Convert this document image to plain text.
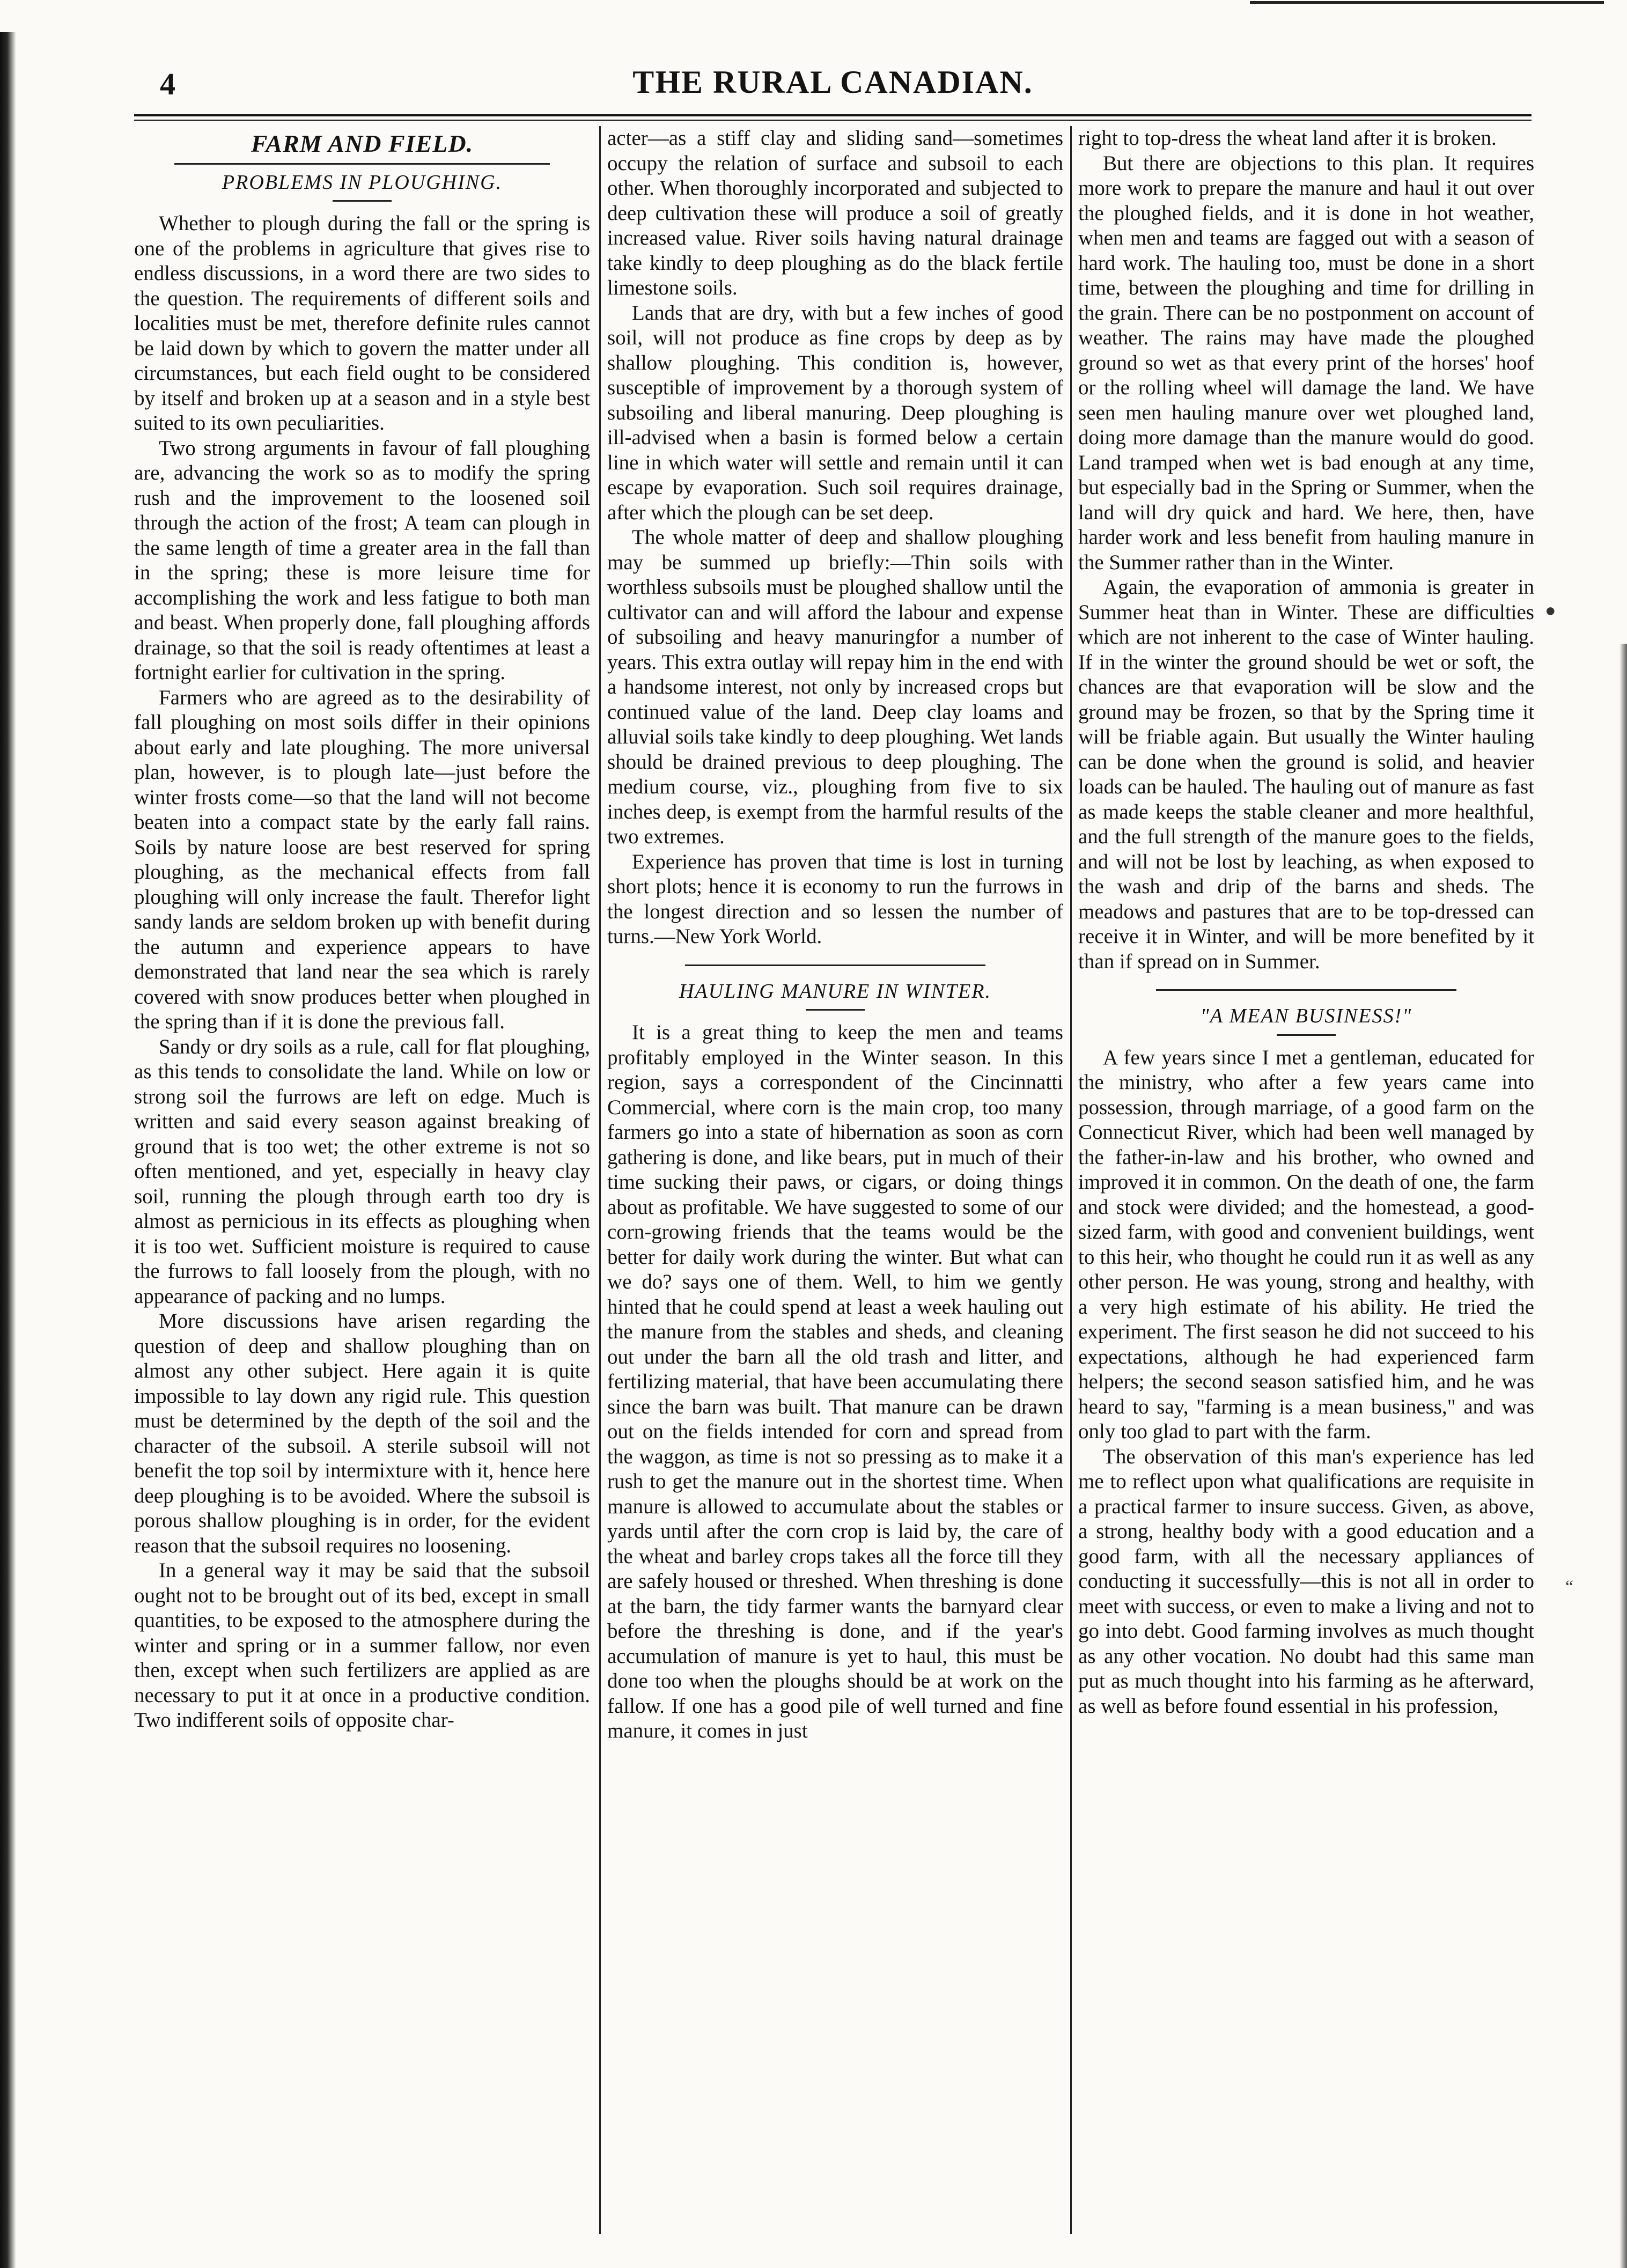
4	THE RURAL CANADIAN.
FARM AND FIELD.
PROBLEMS IN PLOUGHING.

Whether to plough during the fall or the spring is one of the problems in agriculture that gives rise to endless discussions, in a word there are two sides to the question. The requirements of different soils and localities must be met, therefore definite rules cannot be laid down by which to govern the matter under all circumstances, but each field ought to be considered by itself and broken up at a season and in a style best suited to its own peculiarities.

Two strong arguments in favour of fall ploughing are, advancing the work so as to modify the spring rush and the improvement to the loosened soil through the action of the frost; A team can plough in the same length of time a greater area in the fall than in the spring; these is more leisure time for accomplishing the work and less fatigue to both man and beast. When properly done, fall ploughing affords drainage, so that the soil is ready oftentimes at least a fortnight earlier for cultivation in the spring.

Farmers who are agreed as to the desirability of fall ploughing on most soils differ in their opinions about early and late ploughing. The more universal plan, however, is to plough late—just before the winter frosts come—so that the land will not become beaten into a compact state by the early fall rains. Soils by nature loose are best reserved for spring ploughing, as the mechanical effects from fall ploughing will only increase the fault. Therefor light sandy lands are seldom broken up with benefit during the autumn and experience appears to have demonstrated that land near the sea which is rarely covered with snow produces better when ploughed in the spring than if it is done the previous fall.

Sandy or dry soils as a rule, call for flat ploughing, as this tends to consolidate the land. While on low or strong soil the furrows are left on edge. Much is written and said every season against breaking of ground that is too wet; the other extreme is not so often mentioned, and yet, especially in heavy clay soil, running the plough through earth too dry is almost as pernicious in its effects as ploughing when it is too wet. Sufficient moisture is required to cause the furrows to fall loosely from the plough, with no appearance of packing and no lumps.

More discussions have arisen regarding the question of deep and shallow ploughing than on almost any other subject. Here again it is quite impossible to lay down any rigid rule. This question must be determined by the depth of the soil and the character of the subsoil. A sterile subsoil will not benefit the top soil by intermixture with it, hence here deep ploughing is to be avoided. Where the subsoil is porous shallow ploughing is in order, for the evident reason that the subsoil requires no loosening.

In a general way it may be said that the subsoil ought not to be brought out of its bed, except in small quantities, to be exposed to the atmosphere during the winter and spring or in a summer fallow, nor even then, except when such fertilizers are applied as are necessary to put it at once in a productive condition. Two indifferent soils of opposite char-

acter—as a stiff clay and sliding sand—sometimes occupy the relation of surface and subsoil to each other. When thoroughly incorporated and subjected to deep cultivation these will produce a soil of greatly increased value. River soils having natural drainage take kindly to deep ploughing as do the black fertile limestone soils.

Lands that are dry, with but a few inches of good soil, will not produce as fine crops by deep as by shallow ploughing. This condition is, however, susceptible of improvement by a thorough system of subsoiling and liberal manuring. Deep ploughing is ill-advised when a basin is formed below a certain line in which water will settle and remain until it can escape by evaporation. Such soil requires drainage, after which the plough can be set deep.

The whole matter of deep and shallow ploughing may be summed up briefly:—Thin soils with worthless subsoils must be ploughed shallow until the cultivator can and will afford the labour and expense of subsoiling and heavy manuringfor a number of years. This extra outlay will repay him in the end with a handsome interest, not only by increased crops but continued value of the land. Deep clay loams and alluvial soils take kindly to deep ploughing. Wet lands should be drained previous to deep ploughing. The medium course, viz., ploughing from five to six inches deep, is exempt from the harmful results of the two extremes.

Experience has proven that time is lost in turning short plots; hence it is economy to run the furrows in the longest direction and so lessen the number of turns.—New York World.

HAULING MANURE IN WINTER.

It is a great thing to keep the men and teams profitably employed in the Winter season. In this region, says a correspondent of the Cincinnatti Commercial, where corn is the main crop, too many farmers go into a state of hibernation as soon as corn gathering is done, and like bears, put in much of their time sucking their paws, or cigars, or doing things about as profitable. We have suggested to some of our corn-growing friends that the teams would be the better for daily work during the winter. But what can we do? says one of them. Well, to him we gently hinted that he could spend at least a week hauling out the manure from the stables and sheds, and cleaning out under the barn all the old trash and litter, and fertilizing material, that have been accumulating there since the barn was built. That manure can be drawn out on the fields intended for corn and spread from the waggon, as time is not so pressing as to make it a rush to get the manure out in the shortest time. When manure is allowed to accumulate about the stables or yards until after the corn crop is laid by, the care of the wheat and barley crops takes all the force till they are safely housed or threshed. When threshing is done at the barn, the tidy farmer wants the barnyard clear before the threshing is done, and if the year's accumulation of manure is yet to haul, this must be done too when the ploughs should be at work on the fallow. If one has a good pile of well turned and fine manure, it comes in just

right to top-dress the wheat land after it is broken.

But there are objections to this plan. It requires more work to prepare the manure and haul it out over the ploughed fields, and it is done in hot weather, when men and teams are fagged out with a season of hard work. The hauling too, must be done in a short time, between the ploughing and time for drilling in the grain. There can be no postponment on account of weather. The rains may have made the ploughed ground so wet as that every print of the horses' hoof or the rolling wheel will damage the land. We have seen men hauling manure over wet ploughed land, doing more damage than the manure would do good. Land tramped when wet is bad enough at any time, but especially bad in the Spring or Summer, when the land will dry quick and hard. We here, then, have harder work and less benefit from hauling manure in the Summer rather than in the Winter.

Again, the evaporation of ammonia is greater in Summer heat than in Winter. These are difficulties which are not inherent to the case of Winter hauling. If in the winter the ground should be wet or soft, the chances are that evaporation will be slow and the ground may be frozen, so that by the Spring time it will be friable again. But usually the Winter hauling can be done when the ground is solid, and heavier loads can be hauled. The hauling out of manure as fast as made keeps the stable cleaner and more healthful, and the full strength of the manure goes to the fields, and will not be lost by leaching, as when exposed to the wash and drip of the barns and sheds. The meadows and pastures that are to be top-dressed can receive it in Winter, and will be more benefited by it than if spread on in Summer.

"A MEAN BUSINESS!"

A few years since I met a gentleman, educated for the ministry, who after a few years came into possession, through marriage, of a good farm on the Connecticut River, which had been well managed by the father-in-law and his brother, who owned and improved it in common. On the death of one, the farm and stock were divided; and the homestead, a good-sized farm, with good and convenient buildings, went to this heir, who thought he could run it as well as any other person. He was young, strong and healthy, with a very high estimate of his ability. He tried the experiment. The first season he did not succeed to his expectations, although he had experienced farm helpers; the second season satisfied him, and he was heard to say, "farming is a mean business," and was only too glad to part with the farm.

The observation of this man's experience has led me to reflect upon what qualifications are requisite in a practical farmer to insure success. Given, as above, a strong, healthy body with a good education and a good farm, with all the necessary appliances of conducting it successfully—this is not all in order to meet with success, or even to make a living and not to go into debt. Good farming involves as much thought as any other vocation. No doubt had this same man put as much thought into his farming as he afterward, as well as before found essential in his profession,

●
“
